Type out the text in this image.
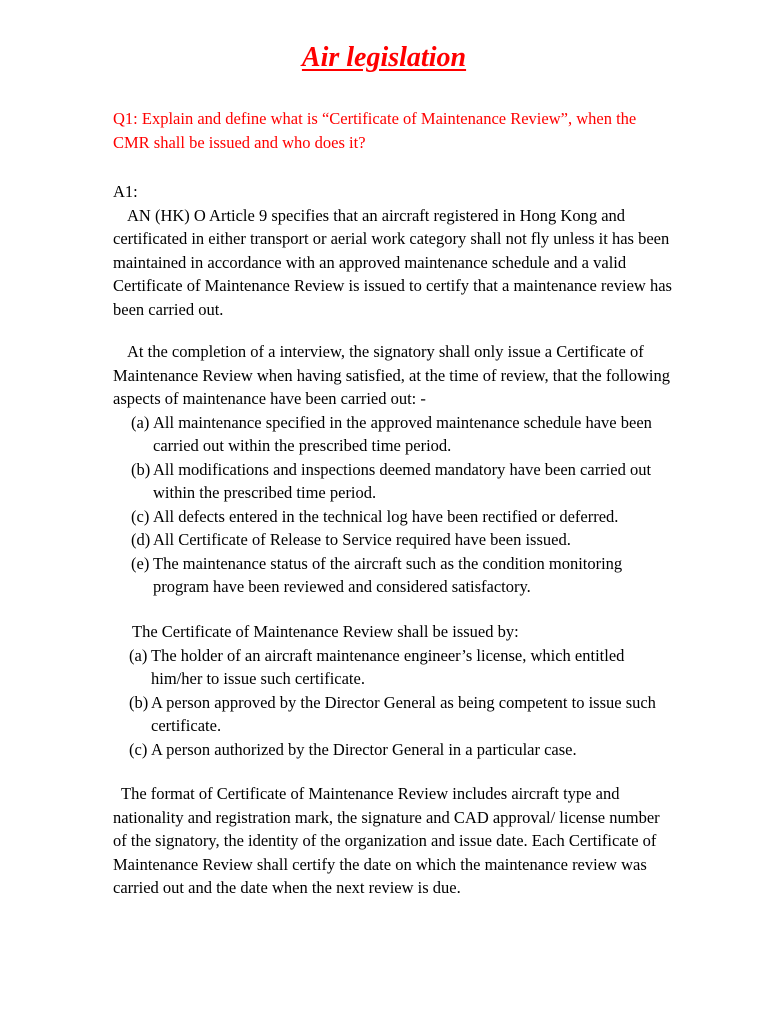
Air legislation
Q1: Explain and define what is “Certificate of Maintenance Review”, when the CMR shall be issued and who does it?

A1:

AN (HK) O Article 9 specifies that an aircraft registered in Hong Kong and certificated in either transport or aerial work category shall not fly unless it has been maintained in accordance with an approved maintenance schedule and a valid Certificate of Maintenance Review is issued to certify that a maintenance review has been carried out.

At the completion of a interview, the signatory shall only issue a Certificate of Maintenance Review when having satisfied, at the time of review, that the following aspects of maintenance have been carried out: -

(a) All maintenance specified in the approved maintenance schedule have been carried out within the prescribed time period.
(b) All modifications and inspections deemed mandatory have been carried out within the prescribed time period.
(c) All defects entered in the technical log have been rectified or deferred.
(d) All Certificate of Release to Service required have been issued.
(e) The maintenance status of the aircraft such as the condition monitoring program have been reviewed and considered satisfactory.

The Certificate of Maintenance Review shall be issued by:

(a) The holder of an aircraft maintenance engineer’s license, which entitled him/her to issue such certificate.
(b) A person approved by the Director General as being competent to issue such certificate.
(c) A person authorized by the Director General in a particular case.

The format of Certificate of Maintenance Review includes aircraft type and nationality and registration mark, the signature and CAD approval/ license number of the signatory, the identity of the organization and issue date. Each Certificate of Maintenance Review shall certify the date on which the maintenance review was carried out and the date when the next review is due.
